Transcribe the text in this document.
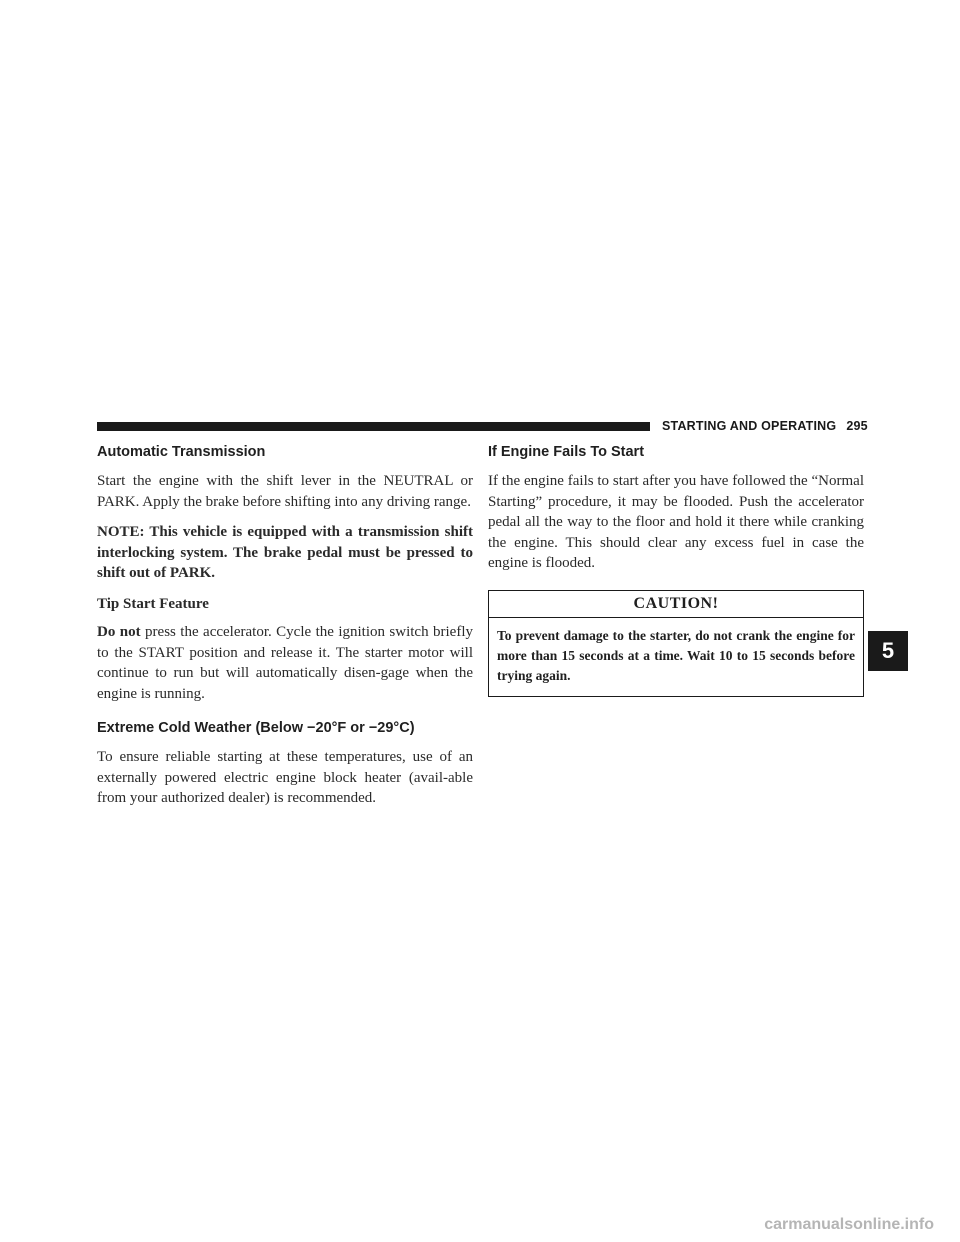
STARTING AND OPERATING 295
Automatic Transmission

Start the engine with the shift lever in the NEUTRAL or PARK. Apply the brake before shifting into any driving range.

NOTE: This vehicle is equipped with a transmission shift interlocking system. The brake pedal must be pressed to shift out of PARK.

Tip Start Feature

Do not press the accelerator. Cycle the ignition switch briefly to the START position and release it. The starter motor will continue to run but will automatically disen-gage when the engine is running.

Extreme Cold Weather (Below −20°F or −29°C)

To ensure reliable starting at these temperatures, use of an externally powered electric engine block heater (avail-able from your authorized dealer) is recommended.

If Engine Fails To Start

If the engine fails to start after you have followed the “Normal Starting” procedure, it may be flooded. Push the accelerator pedal all the way to the floor and hold it there while cranking the engine. This should clear any excess fuel in case the engine is flooded.

CAUTION!
To prevent damage to the starter, do not crank the engine for more than 15 seconds at a time. Wait 10 to 15 seconds before trying again.
5
carmanualsonline.info
